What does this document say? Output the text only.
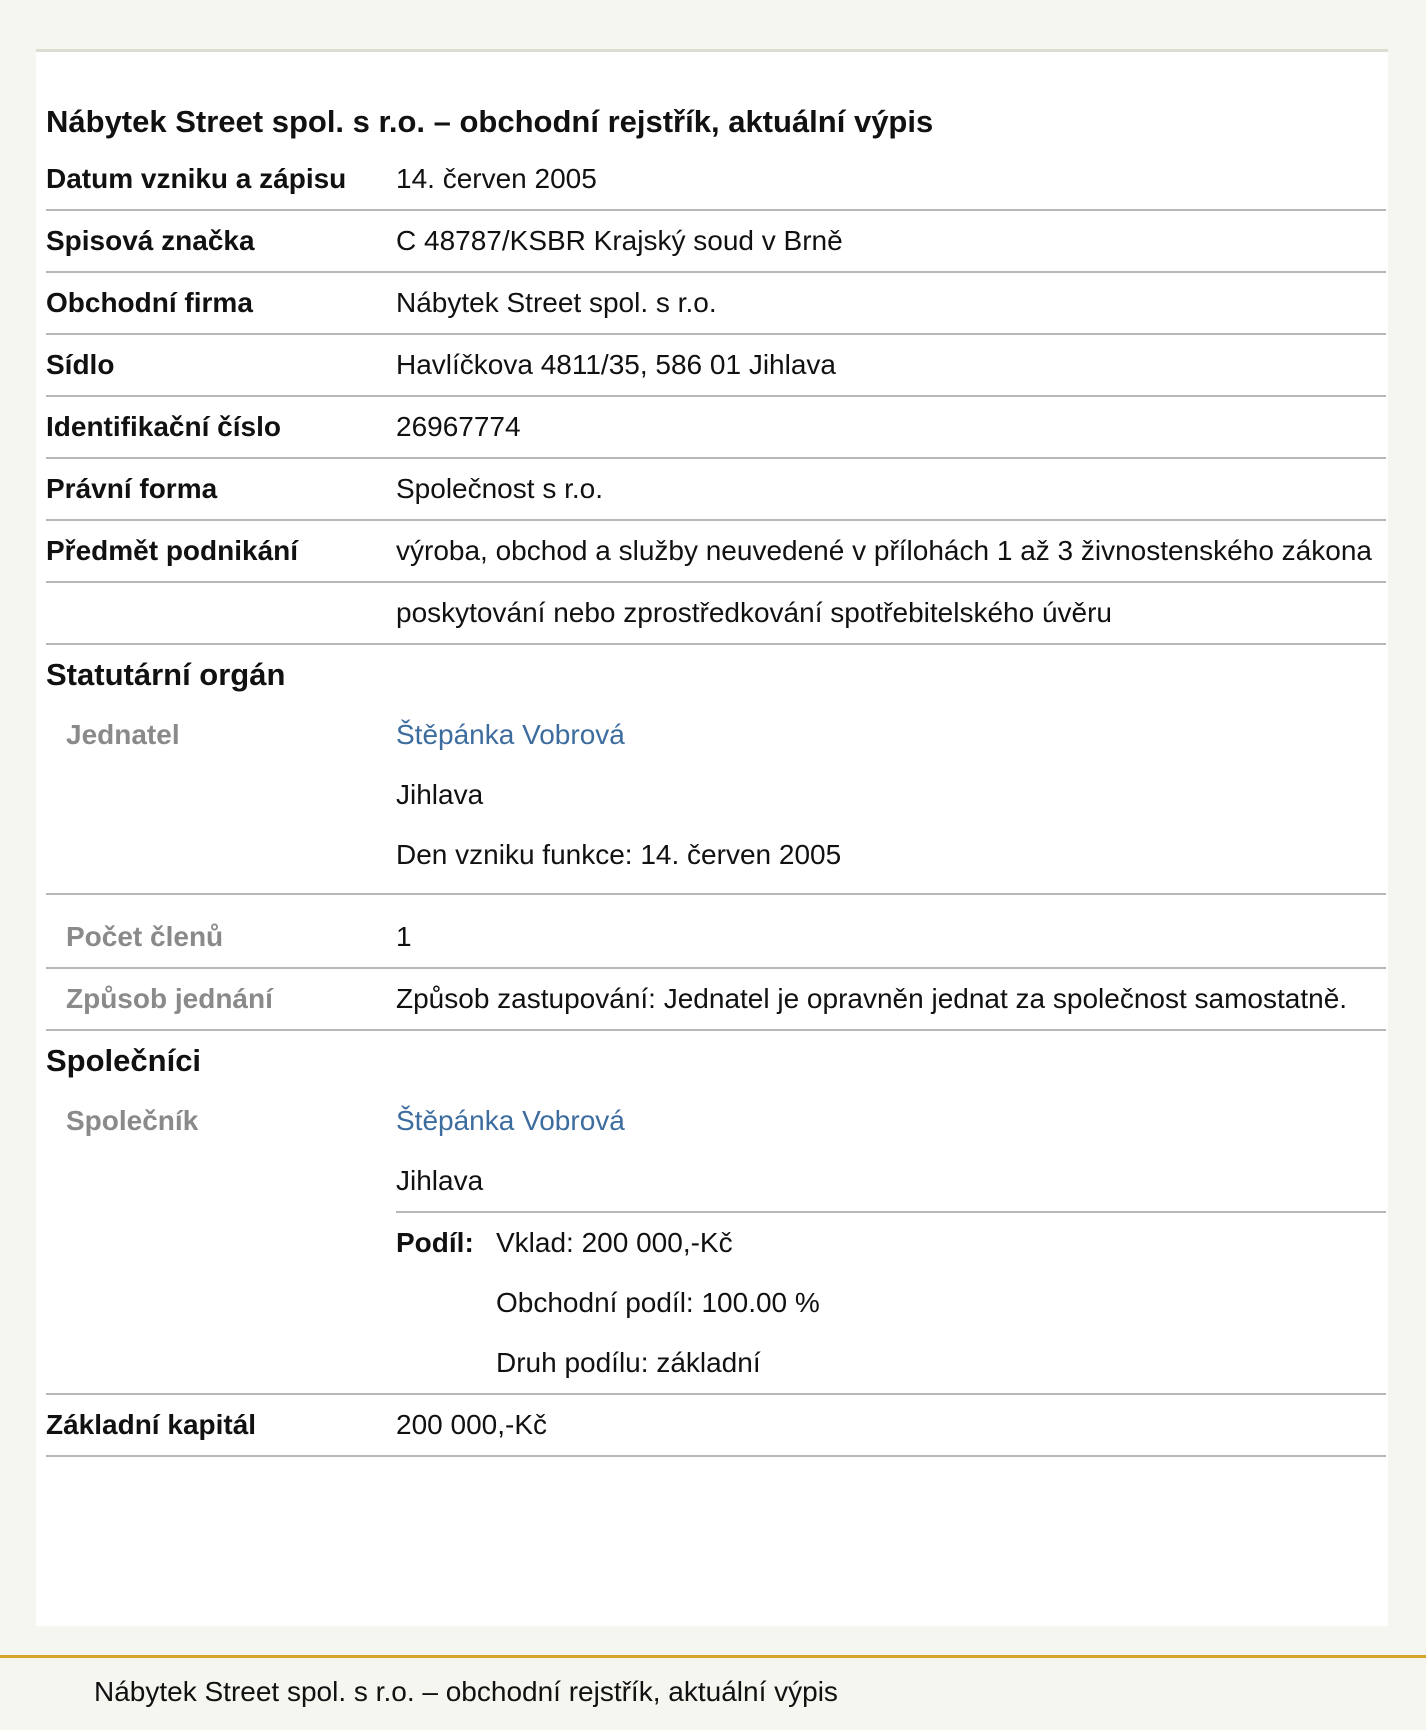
Nábytek Street spol. s r.o. – obchodní rejstřík, aktuální výpis
Datum vzniku a zápisu	14. červen 2005
Spisová značka	C 48787/KSBR Krajský soud v Brně
Obchodní firma	Nábytek Street spol. s r.o.
Sídlo	Havlíčkova 4811/35, 586 01 Jihlava
Identifikační číslo	26967774
Právní forma	Společnost s r.o.
Předmět podnikání	výroba, obchod a služby neuvedené v přílohách 1 až 3 živnostenského zákona
	poskytování nebo zprostředkování spotřebitelského úvěru
Statutární orgán
Jednatel	Štěpánka Vobrová
Jihlava
Den vzniku funkce: 14. červen 2005

Počet členů	1
Způsob jednání	Způsob zastupování: Jednatel je opravněn jednat za společnost samostatně.
Společníci
Společník	Štěpánka Vobrová
Jihlava
Podíl:	Vklad: 200 000,-Kč
Obchodní podíl: 100.00 %
Druh podílu: základní

Základní kapitál	200 000,-Kč
Nábytek Street spol. s r.o. – obchodní rejstřík, aktuální výpis
